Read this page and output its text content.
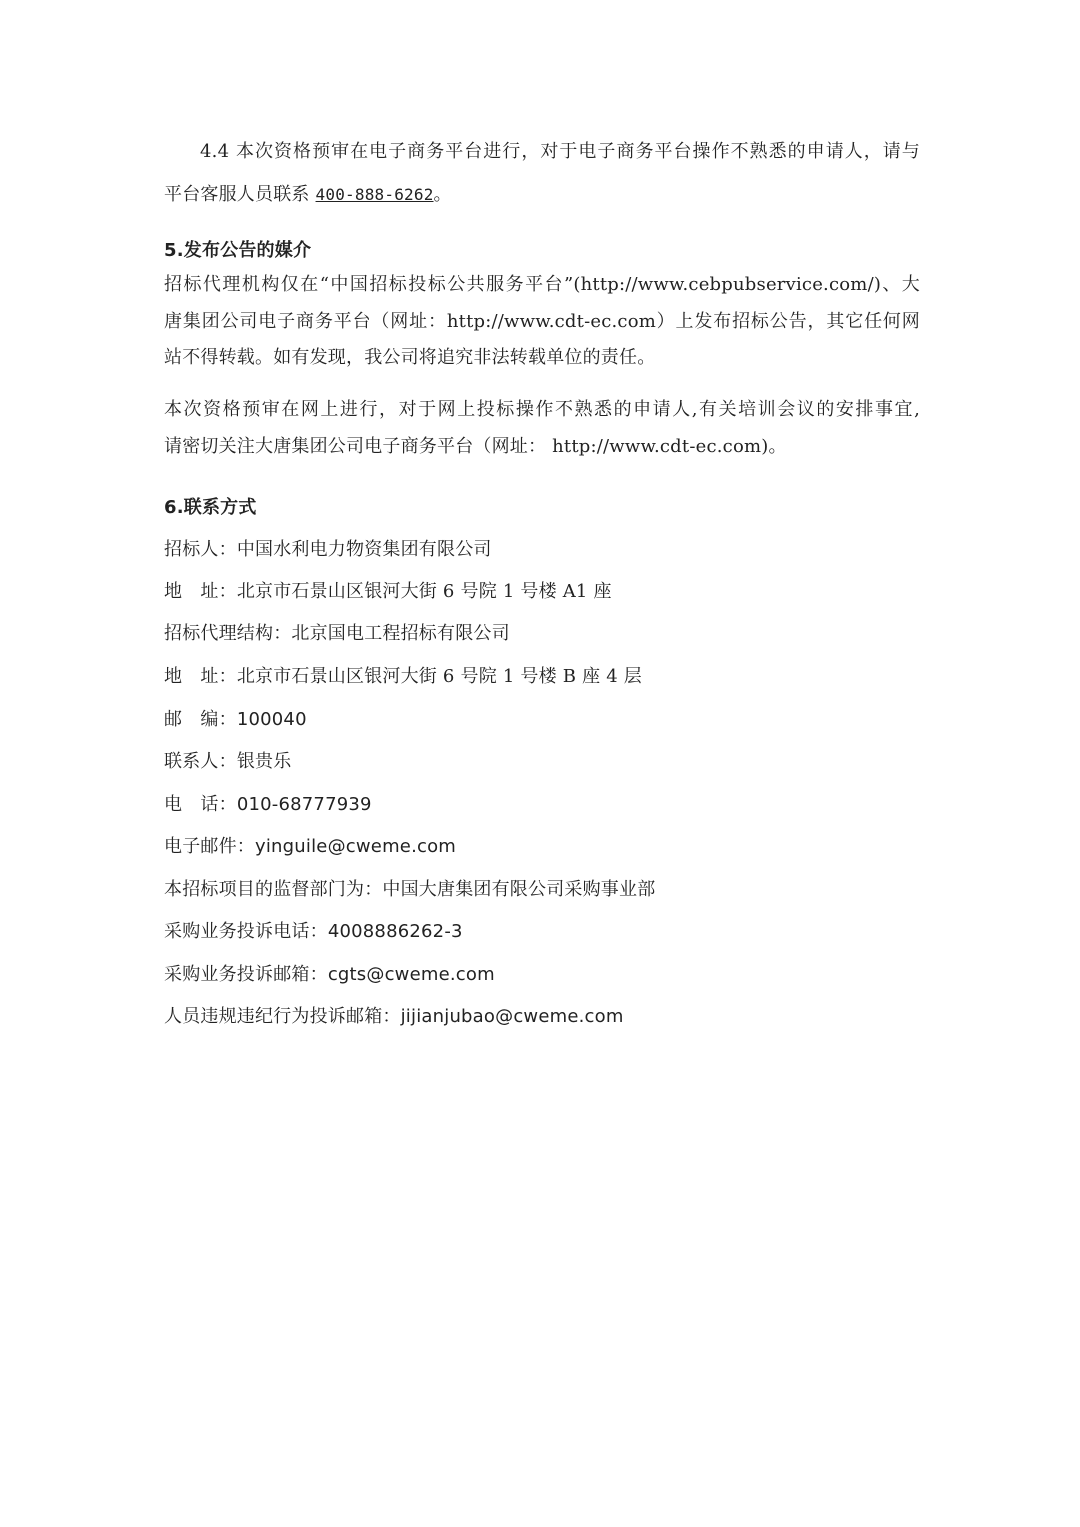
4.4 本次资格预审在电子商务平台进行，对于电子商务平台操作不熟悉的申请人，请与
平台客服人员联系 400-888-6262。
5.发布公告的媒介
招标代理机构仅在“中国招标投标公共服务平台”(http://www.cebpubservice.com/)、大
唐集团公司电子商务平台（网址：http://www.cdt-ec.com）上发布招标公告，其它任何网
站不得转载。如有发现，我公司将追究非法转载单位的责任。
本次资格预审在网上进行，对于网上投标操作不熟悉的申请人,有关培训会议的安排事宜,
请密切关注大唐集团公司电子商务平台（网址： http://www.cdt-ec.com)。
6.联系方式
招标人：中国水利电力物资集团有限公司
地　址：北京市石景山区银河大街 6 号院 1 号楼 A1 座
招标代理结构：北京国电工程招标有限公司
地　址：北京市石景山区银河大街 6 号院 1 号楼 B 座 4 层
邮　编：100040
联系人：银贵乐
电　话：010-68777939
电子邮件：yinguile@cweme.com
本招标项目的监督部门为：中国大唐集团有限公司采购事业部
采购业务投诉电话：4008886262-3
采购业务投诉邮箱：cgts@cweme.com
人员违规违纪行为投诉邮箱：jijianjubao@cweme.com
